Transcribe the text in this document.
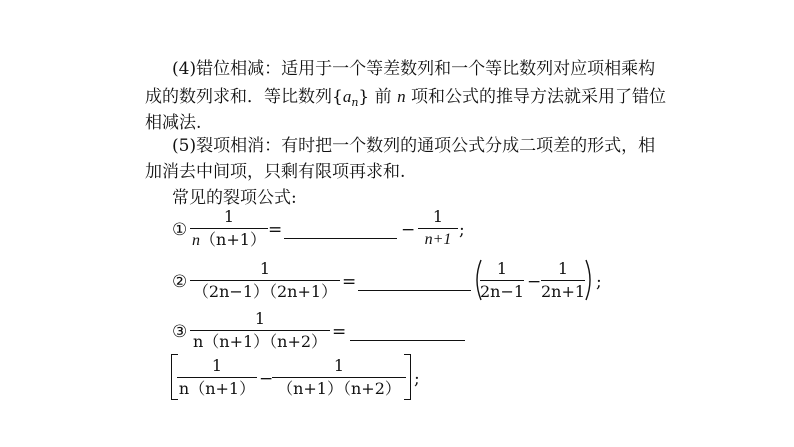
(4)错位相减：适用于一个等差数列和一个等比数列对应项相乘构
成的数列求和．等比数列$\{a_n\}$ 前 n 项和公式的推导方法就采用了错位
相减法.
(5)裂项相消：有时把一个数列的通项公式分成二项差的形式，相
加消去中间项，只剩有限项再求和.
常见的裂项公式:
①
1
n（n+1） =	−
1
n+1 ;
②
1
（2n−1）（2n+1） =
1
2n−1 −
1
2n+1 ;
③
1
n（n+1）（n+2） =
1
n（n+1） −
1
（n+1）（n+2） ;
